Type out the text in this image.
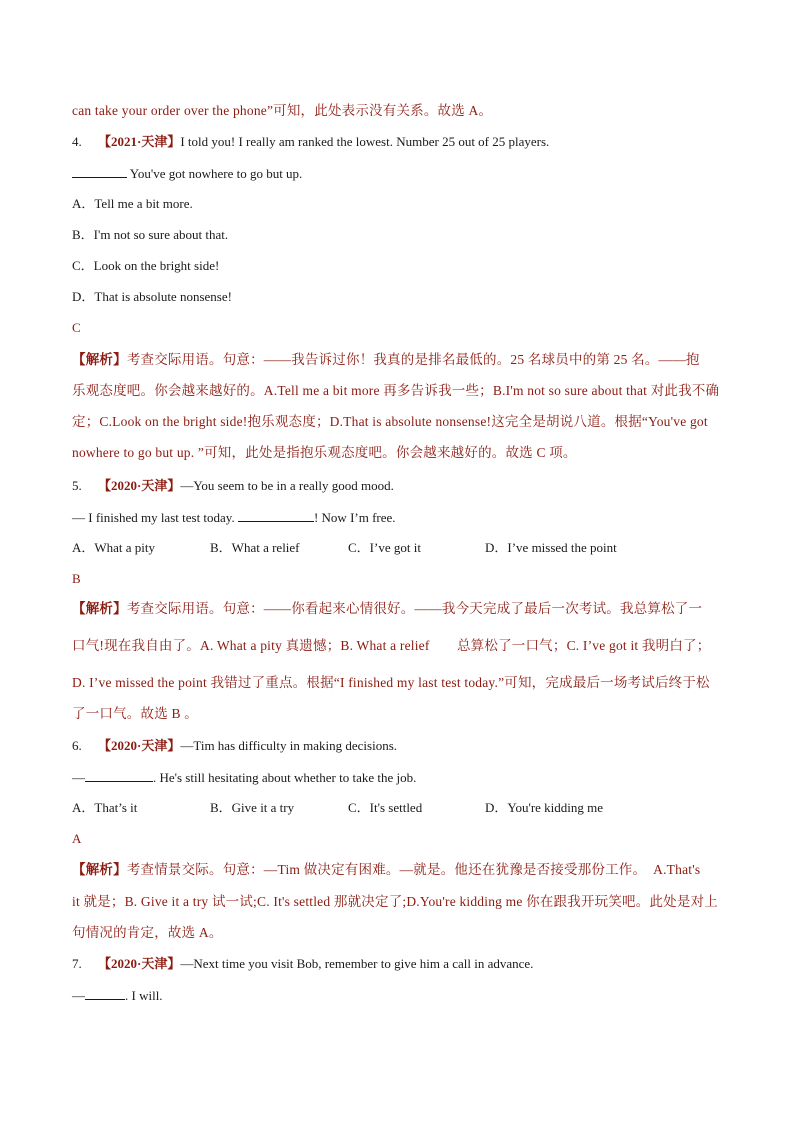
can take your order over the phone”可知，此处表示没有关系。故选 A。
4. 【2021·天津】I told you! I really am ranked the lowest. Number 25 out of 25 players.
You've got nowhere to go but up.
A．Tell me a bit more.
B．I'm not so sure about that.
C．Look on the bright side!
D．That is absolute nonsense!
C
【解析】考查交际用语。句意：——我告诉过你！我真的是排名最低的。25 名球员中的第 25 名。——抱
乐观态度吧。你会越来越好的。A.Tell me a bit more 再多告诉我一些；B.I'm not so sure about that 对此我不确
定；C.Look on the bright side!抱乐观态度；D.That is absolute nonsense!这完全是胡说八道。根据“You've got
nowhere to go but up. ”可知，此处是指抱乐观态度吧。你会越来越好的。故选 C 项。
5. 【2020·天津】—You seem to be in a really good mood.
— I finished my last test today.	! Now I’m free.
A．What a pity	B．What a relief	C．I’ve got it	D．I’ve missed the point
B
【解析】考查交际用语。句意：——你看起来心情很好。——我今天完成了最后一次考试。我总算松了一
口气!现在我自由了。A. What a pity 真遗憾；B. What a relief　　总算松了一口气；C. I’ve got it 我明白了；
D. I’ve missed the point 我错过了重点。根据“I finished my last test today.”可知，完成最后一场考试后终于松
了一口气。故选 B 。
6. 【2020·天津】—Tim has difficulty in making decisions.
—	. He's still hesitating about whether to take the job.
A．That’s it	B．Give it a try	C．It's settled	D．You're kidding me
A
【解析】考查情景交际。句意：—Tim 做决定有困难。—就是。他还在犹豫是否接受那份工作。　A.That's
it 就是；B. Give it a try 试一试;C. It's settled 那就决定了;D.You're kidding me 你在跟我开玩笑吧。此处是对上
句情况的肯定，故选 A。
7. 【2020·天津】—Next time you visit Bob, remember to give him a call in advance.
—	. I will.
